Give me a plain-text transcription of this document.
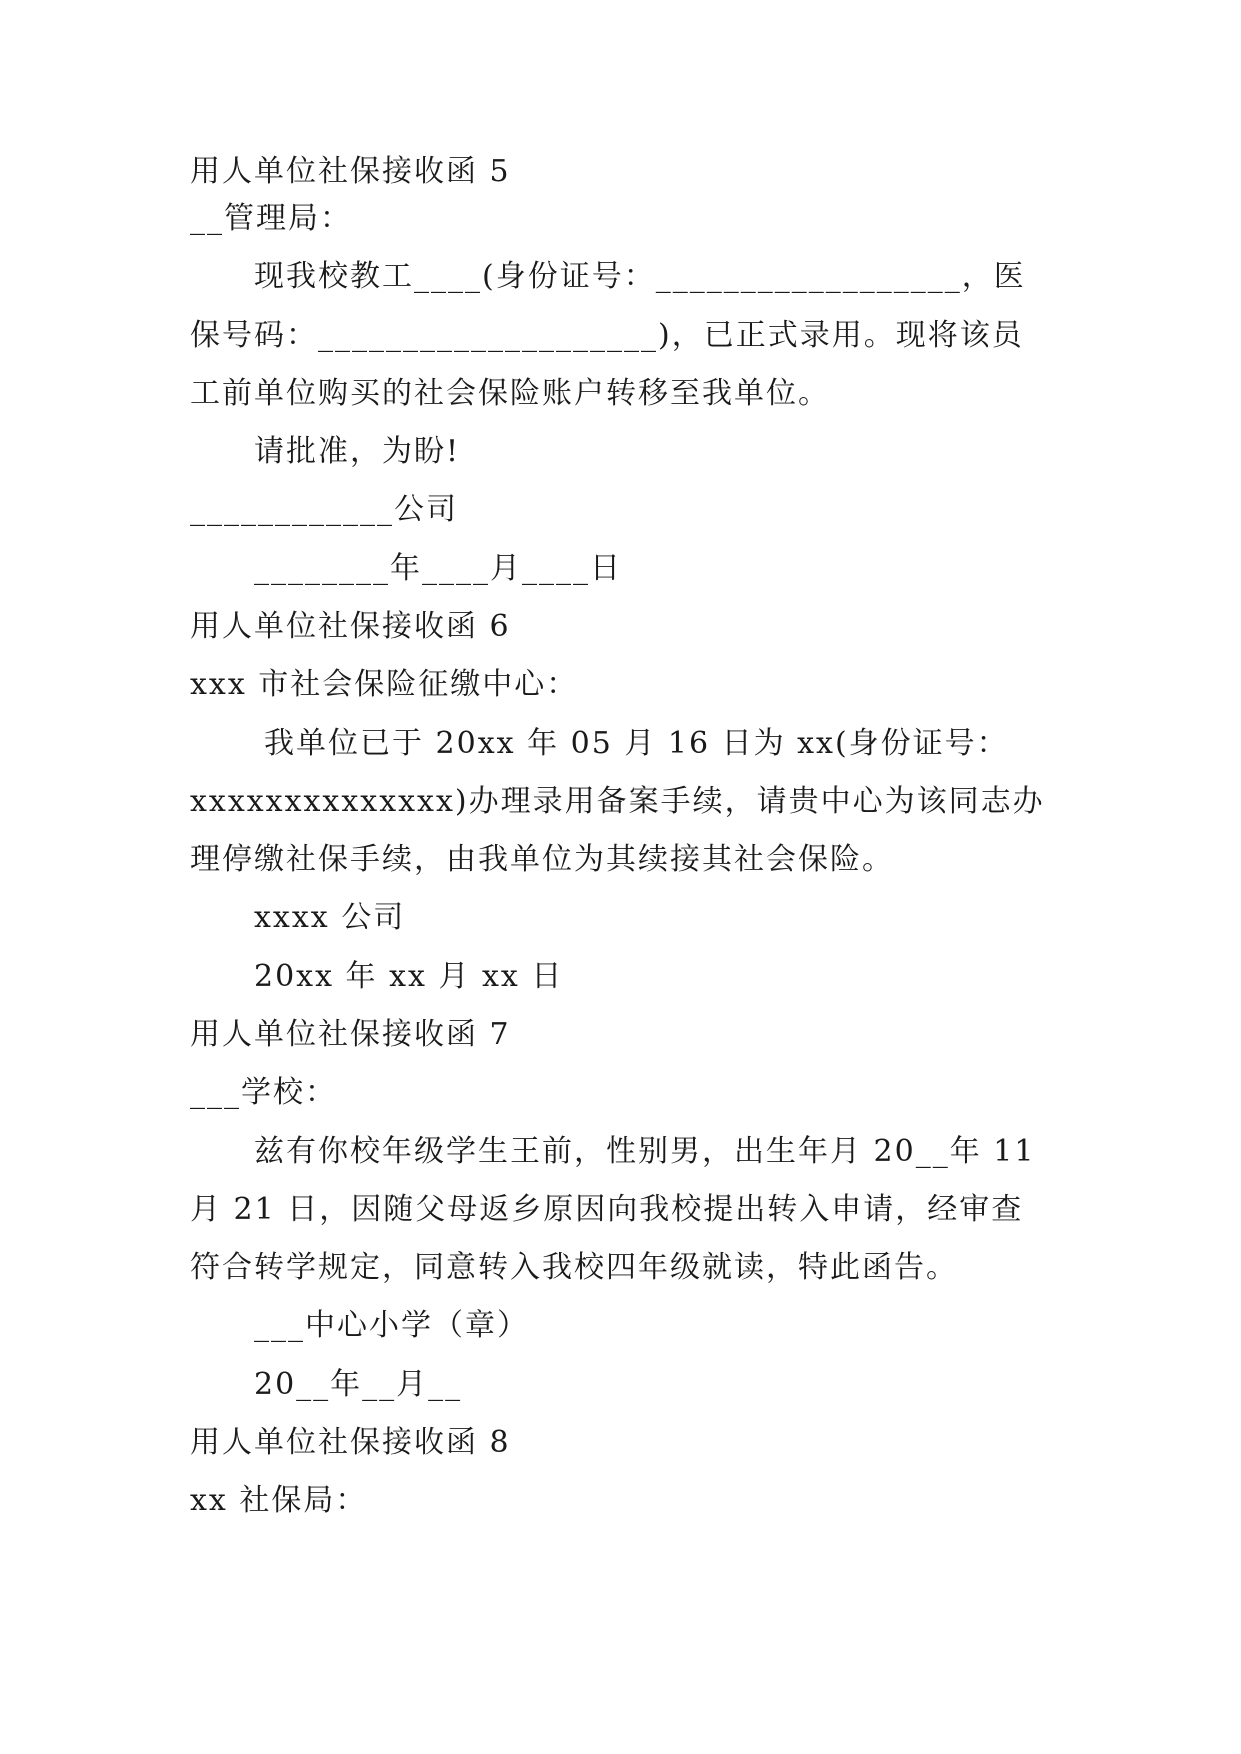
用人单位社保接收函 5
__管理局：
现我校教工____(身份证号：__________________，医
保号码：____________________)，已正式录用。现将该员
工前单位购买的社会保险账户转移至我单位。
请批准，为盼!
____________公司
________年____月____日
用人单位社保接收函 6
xxx 市社会保险征缴中心：
我单位已于 20xx 年 05 月 16 日为 xx(身份证号：
xxxxxxxxxxxxxx)办理录用备案手续，请贵中心为该同志办
理停缴社保手续，由我单位为其续接其社会保险。
xxxx 公司
20xx 年 xx 月 xx 日
用人单位社保接收函 7
___学校：
兹有你校年级学生王前，性别男，出生年月 20__年 11
月 21 日，因随父母返乡原因向我校提出转入申请，经审查
符合转学规定，同意转入我校四年级就读，特此函告。
___中心小学（章）
20__年__月__
用人单位社保接收函 8
xx 社保局：
